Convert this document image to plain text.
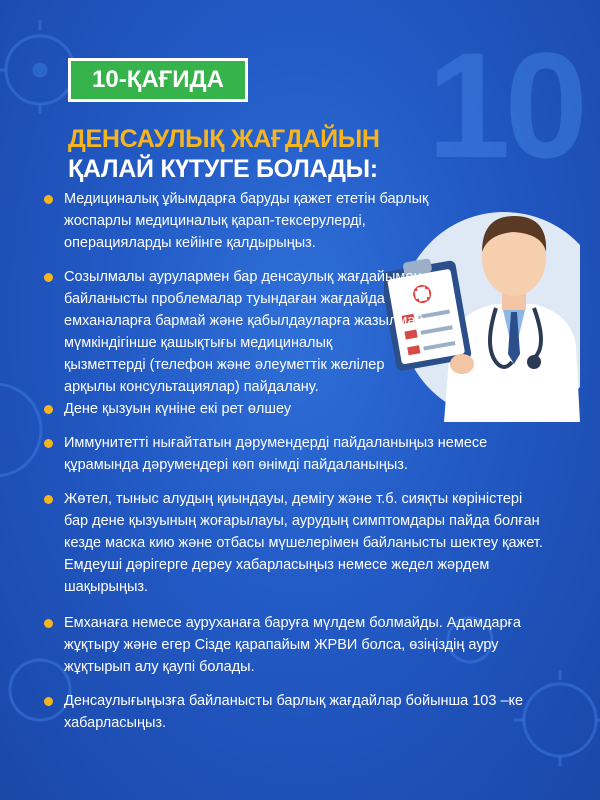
10
10-ҚАҒИДА
ДЕНСАУЛЫҚ ЖАҒДАЙЫН
ҚАЛАЙ КҮТУГЕ БОЛАДЫ:
Медициналық ұйымдарға баруды қажет ететін барлық
жоспарлы медициналық қарап-тексерулерді,
операцияларды кейінге қалдырыңыз.
Созылмалы аурулармен бар денсаулық жағдайымен
байланысты проблемалар туындаған жағдайда
емханаларға бармай және қабылдауларға жазылмай
мүмкіндігінше қашықтығы медициналық
қызметтерді (телефон және әлеуметтік желілер
арқылы консультациялар) пайдалану.
Дене қызуын күніне екі рет өлшеу
Иммунитетті нығайтатын дәрумендерді пайдаланыңыз немесе
құрамында дәрумендері көп өнімді пайдаланыңыз.
Жөтел, тыныс алудың қиындауы, демігу және т.б. сияқты көріністері
бар дене қызуының жоғарылауы, аурудың симптомдары пайда болған
кезде маска кию және отбасы мүшелерімен байланысты шектеу қажет.
Емдеуші дәрігерге дереу хабарласыңыз немесе жедел жәрдем
шақырыңыз.
Емханаға немесе ауруханаға баруға мүлдем болмайды. Адамдарға
жұқтыру және егер Сізде қарапайым ЖРВИ болса, өзіңіздің ауру
жұқтырып алу қаупі болады.
Денсаулығыңызға байланысты барлық жағдайлар бойынша 103 –ке
хабарласыңыз.
